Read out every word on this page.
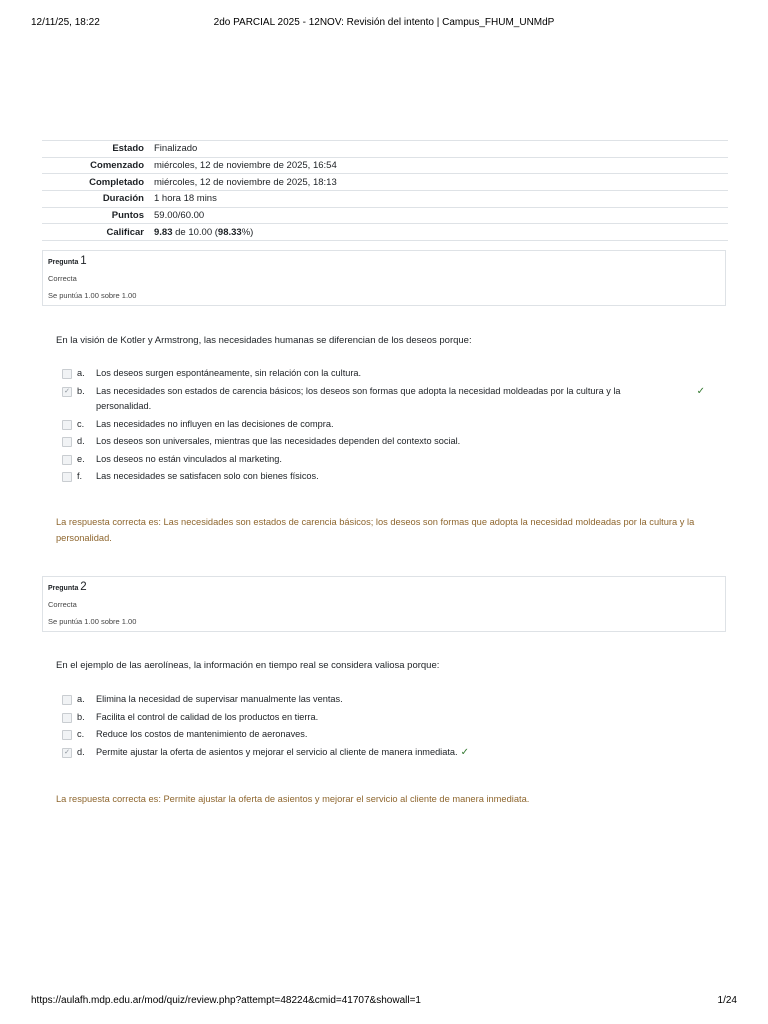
12/11/25, 18:22	2do PARCIAL 2025 - 12NOV: Revisión del intento | Campus_FHUM_UNMdP
Estado	Finalizado
Comenzado	miércoles, 12 de noviembre de 2025, 16:54
Completado	miércoles, 12 de noviembre de 2025, 18:13
Duración	1 hora 18 mins
Puntos	59.00/60.00
Calificar	9.83 de 10.00 (98.33%)
Pregunta 1
Correcta
Se puntúa 1.00 sobre 1.00
En la visión de Kotler y Armstrong, las necesidades humanas se diferencian de los deseos porque:
a. Los deseos surgen espontáneamente, sin relación con la cultura.
✓ b. Las necesidades son estados de carencia básicos; los deseos son formas que adopta la necesidad moldeadas por la cultura y la personalidad.
✓
c. Las necesidades no influyen en las decisiones de compra.
d. Los deseos son universales, mientras que las necesidades dependen del contexto social.
e. Los deseos no están vinculados al marketing.
f. Las necesidades se satisfacen solo con bienes físicos.
La respuesta correcta es: Las necesidades son estados de carencia básicos; los deseos son formas que adopta la necesidad moldeadas por la cultura y la personalidad.
Pregunta 2
Correcta
Se puntúa 1.00 sobre 1.00
En el ejemplo de las aerolíneas, la información en tiempo real se considera valiosa porque:
a. Elimina la necesidad de supervisar manualmente las ventas.
b. Facilita el control de calidad de los productos en tierra.
c. Reduce los costos de mantenimiento de aeronaves.
✓ d. Permite ajustar la oferta de asientos y mejorar el servicio al cliente de manera inmediata. ✓
La respuesta correcta es: Permite ajustar la oferta de asientos y mejorar el servicio al cliente de manera inmediata.
https://aulafh.mdp.edu.ar/mod/quiz/review.php?attempt=48224&cmid=41707&showall=1	1/24
